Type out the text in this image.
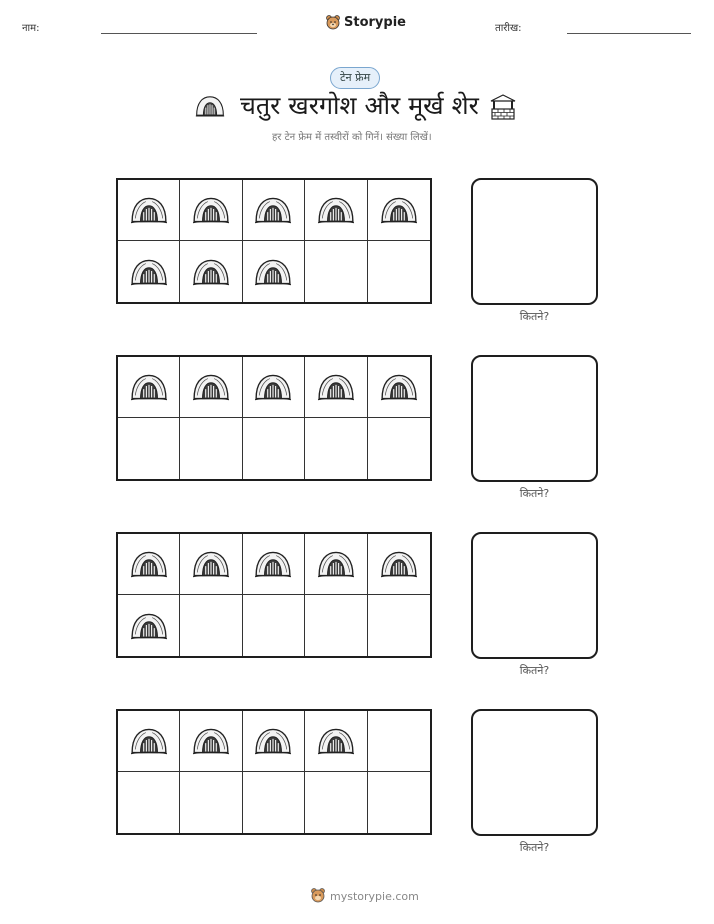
नाम:	Storypie	तारीख:
टेन फ्रेम
चतुर खरगोश और मूर्ख शेर
हर टेन फ्रेम में तस्वीरों को गिनें। संख्या लिखें।
कितने?
कितने?
कितने?
कितने?
mystorypie.com
